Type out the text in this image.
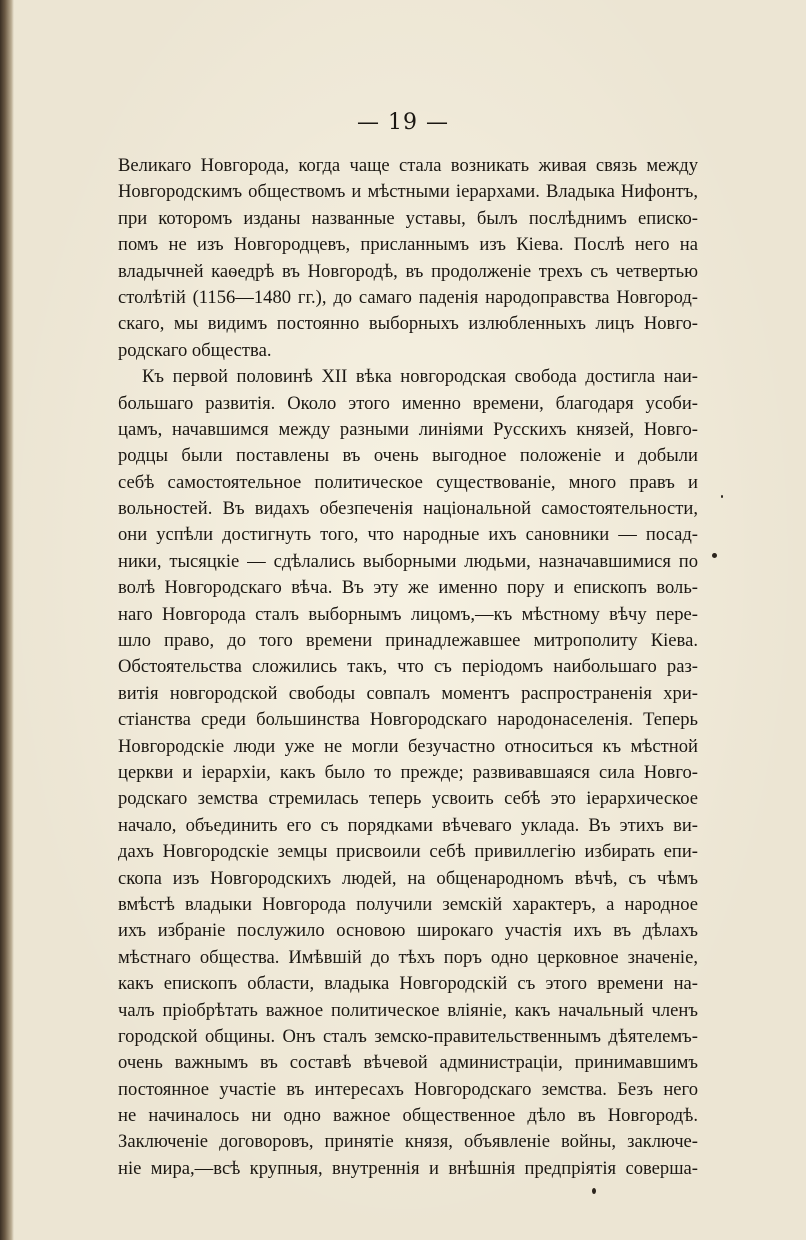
— 19 —
Великаго Новгорода, когда чаще стала возникать живая связь между
Новгородскимъ обществомъ и мѣстными іерархами. Владыка Нифонтъ,
при которомъ изданы названные уставы, былъ послѣднимъ еписко-
помъ не изъ Новгородцевъ, присланнымъ изъ Кіева. Послѣ него на
владычней каѳедрѣ въ Новгородѣ, въ продолженіе трехъ съ четвертью
столѣтій (1156—1480 гг.), до самаго паденія народоправства Новгород-
скаго, мы видимъ постоянно выборныхъ излюбленныхъ лицъ Новго-
родскаго общества.
Къ первой половинѣ XII вѣка новгородская свобода достигла наи-
большаго развитія. Около этого именно времени, благодаря усоби-
цамъ, начавшимся между разными линіями Русскихъ князей, Новго-
родцы были поставлены въ очень выгодное положеніе и добыли
себѣ самостоятельное политическое существованіе, много правъ и
вольностей. Въ видахъ обезпеченія національной самостоятельности,
они успѣли достигнуть того, что народные ихъ сановники — посад-
ники, тысяцкіе — сдѣлались выборными людьми, назначавшимися по
волѣ Новгородскаго вѣча. Въ эту же именно пору и епископъ воль-
наго Новгорода сталъ выборнымъ лицомъ,—къ мѣстному вѣчу пере-
шло право, до того времени принадлежавшее митрополиту Кіева.
Обстоятельства сложились такъ, что съ періодомъ наибольшаго раз-
витія новгородской свободы совпалъ моментъ распространенія хри-
стіанства среди большинства Новгородскаго народонаселенія. Теперь
Новгородскіе люди уже не могли безучастно относиться къ мѣстной
церкви и іерархіи, какъ было то прежде; развивавшаяся сила Новго-
родскаго земства стремилась теперь усвоить себѣ это іерархическое
начало, объединить его съ порядками вѣчеваго уклада. Въ этихъ ви-
дахъ Новгородскіе земцы присвоили себѣ привиллегію избирать епи-
скопа изъ Новгородскихъ людей, на общенародномъ вѣчѣ, съ чѣмъ
вмѣстѣ владыки Новгорода получили земскій характеръ, а народное
ихъ избраніе послужило основою широкаго участія ихъ въ дѣлахъ
мѣстнаго общества. Имѣвшій до тѣхъ поръ одно церковное значеніе,
какъ епископъ области, владыка Новгородскій съ этого времени на-
чалъ пріобрѣтать важное политическое вліяніе, какъ начальный членъ
городской общины. Онъ сталъ земско-правительственнымъ дѣятелемъ-
очень важнымъ въ составѣ вѣчевой администраціи, принимавшимъ
постоянное участіе въ интересахъ Новгородскаго земства. Безъ него
не начиналось ни одно важное общественное дѣло въ Новгородѣ.
Заключеніе договоровъ, принятіе князя, объявленіе войны, заключе-
ніе мира,—всѣ крупныя, внутреннія и внѣшнія предпріятія соверша-
